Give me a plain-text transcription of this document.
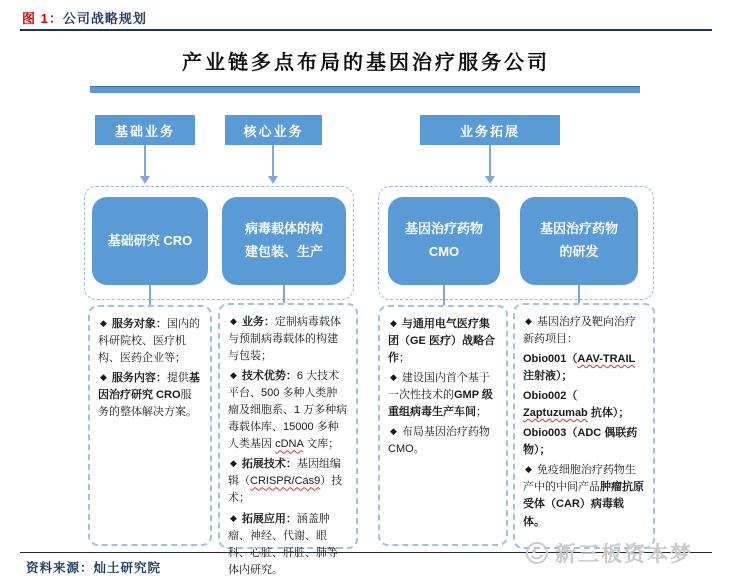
图 1：公司战略规划
产业链多点布局的基因治疗服务公司
基础业务	核心业务	业务拓展
基础研究 CRO
病毒载体的构建包装、生产
基因治疗药物 CMO
基因治疗药物的研发

◆ 服务对象：国内的科研院校、医疗机构、医药企业等；

◆ 服务内容：提供基因治疗研究 CRO服务的整体解决方案。

◆ 业务：定制病毒载体与预制病毒载体的构建与包装；

◆ 技术优势：6 大技术平台、500 多种人类肿瘤及细胞系、1 万多种病毒载体库、15000 多种人类基因 cDNA 文库；

◆ 拓展技术：基因组编辑（CRISPR/Cas9）技术；

◆ 拓展应用：涵盖肿瘤、神经、代谢、眼科、心脏、肝脏、肺等体内研究。

◆ 与通用电气医疗集团（GE 医疗）战略合作；

◆ 建设国内首个基于一次性技术的GMP 级重组病毒生产车间；

◆ 布局基因治疗药物 CMO。

◆ 基因治疗及靶向治疗新药项目：

Obio001（AAV-TRAIL 注射液）；

Obio002（ Zaptuzumab 抗体）；

Obio003（ADC 偶联药物）；

◆ 免疫细胞治疗药物生产中的中间产品肿瘤抗原受体（CAR）病毒载体。

资料来源：灿土研究院
新三板资本梦
